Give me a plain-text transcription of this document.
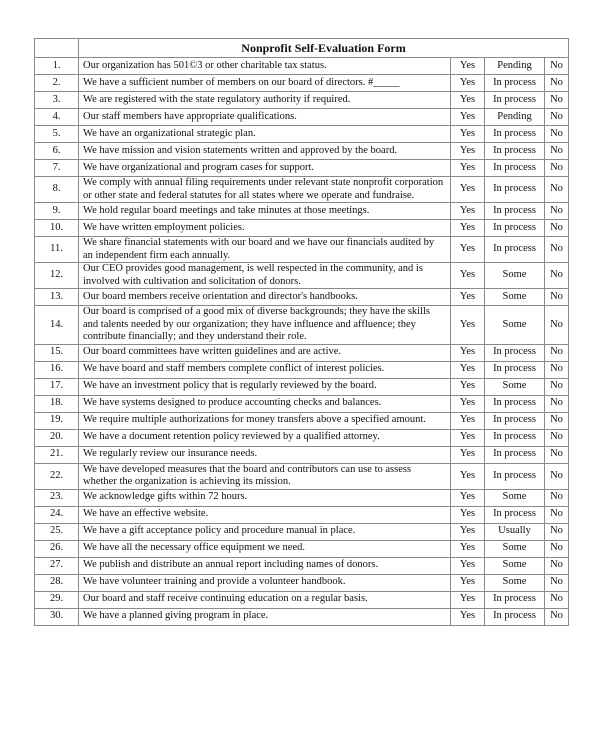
	Nonprofit Self-Evaluation Form			
1.	Our organization has 501©3 or other charitable tax status.	Yes	Pending	No
2.	We have a sufficient number of members on our board of directors. #_____	Yes	In process	No
3.	We are registered with the state regulatory authority if required.	Yes	In process	No
4.	Our staff members have appropriate qualifications.	Yes	Pending	No
5.	We have an organizational strategic plan.	Yes	In process	No
6.	We have mission and vision statements written and approved by the board.	Yes	In process	No
7.	We have organizational and program cases for support.	Yes	In process	No
8.	We comply with annual filing requirements under relevant state nonprofit corporation or other state and federal statutes for all states where we operate and fundraise.	Yes	In process	No
9.	We hold regular board meetings and take minutes at those meetings.	Yes	In process	No
10.	We have written employment policies.	Yes	In process	No
11.	We share financial statements with our board and we have our financials audited by an independent firm each annually.	Yes	In process	No
12.	Our CEO provides good management, is well respected in the community, and is involved with cultivation and solicitation of donors.	Yes	Some	No
13.	Our board members receive orientation and director's handbooks.	Yes	Some	No
14.	Our board is comprised of a good mix of diverse backgrounds; they have the skills and talents needed by our organization; they have influence and affluence; they contribute financially; and they understand their role.	Yes	Some	No
15.	Our board committees have written guidelines and are active.	Yes	In process	No
16.	We have board and staff members complete conflict of interest policies.	Yes	In process	No
17.	We have an investment policy that is regularly reviewed by the board.	Yes	Some	No
18.	We have systems designed to produce accounting checks and balances.	Yes	In process	No
19.	We require multiple authorizations for money transfers above a specified amount.	Yes	In process	No
20.	We have a document retention policy reviewed by a qualified attorney.	Yes	In process	No
21.	We regularly review our insurance needs.	Yes	In process	No
22.	We have developed measures that the board and contributors can use to assess whether the organization is achieving its mission.	Yes	In process	No
23.	We acknowledge gifts within 72 hours.	Yes	Some	No
24.	We have an effective website.	Yes	In process	No
25.	We have a gift acceptance policy and procedure manual in place.	Yes	Usually	No
26.	We have all the necessary office equipment we need.	Yes	Some	No
27.	We publish and distribute an annual report including names of donors.	Yes	Some	No
28.	We have volunteer training and provide a volunteer handbook.	Yes	Some	No
29.	Our board and staff receive continuing education on a regular basis.	Yes	In process	No
30.	We have a planned giving program in place.	Yes	In process	No
